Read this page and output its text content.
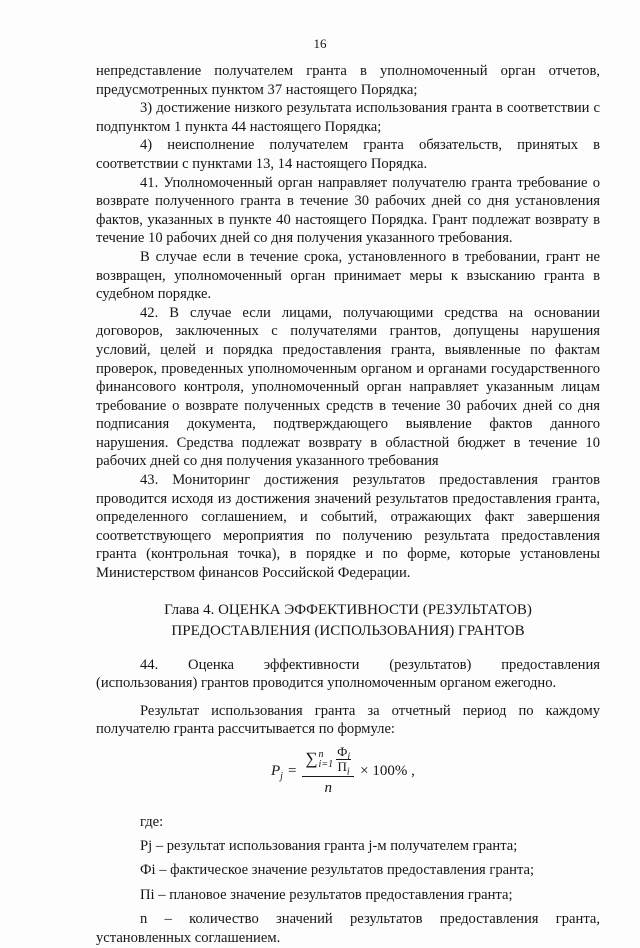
16

непредставление получателем гранта в уполномоченный орган отчетов, предусмотренных пунктом 37 настоящего Порядка;

3) достижение низкого результата использования гранта в соответствии с подпунктом 1 пункта 44 настоящего Порядка;

4) неисполнение получателем гранта обязательств, принятых в соответствии с пунктами 13, 14 настоящего Порядка.

41. Уполномоченный орган направляет получателю гранта требование о возврате полученного гранта в течение 30 рабочих дней со дня установления фактов, указанных в пункте 40 настоящего Порядка. Грант подлежат возврату в течение 10 рабочих дней со дня получения указанного требования.

В случае если в течение срока, установленного в требовании, грант не возвращен, уполномоченный орган принимает меры к взысканию гранта в судебном порядке.

42. В случае если лицами, получающими средства на основании договоров, заключенных с получателями грантов, допущены нарушения условий, целей и порядка предоставления гранта, выявленные по фактам проверок, проведенных уполномоченным органом и органами государственного финансового контроля, уполномоченный орган направляет указанным лицам требование о возврате полученных средств в течение 30 рабочих дней со дня подписания документа, подтверждающего выявление фактов данного нарушения. Средства подлежат возврату в областной бюджет в течение 10 рабочих дней со дня получения указанного требования

43. Мониторинг достижения результатов предоставления грантов проводится исходя из достижения значений результатов предоставления гранта, определенного соглашением, и событий, отражающих факт завершения соответствующего мероприятия по получению результата предоставления гранта (контрольная точка), в порядке и по форме, которые установлены Министерством финансов Российской Федерации.

Глава 4. ОЦЕНКА ЭФФЕКТИВНОСТИ (РЕЗУЛЬТАТОВ)
ПРЕДОСТАВЛЕНИЯ (ИСПОЛЬЗОВАНИЯ) ГРАНТОВ

44. Оценка эффективности (результатов) предоставления (использования) грантов проводится уполномоченным органом ежегодно.

Результат использования гранта за отчетный период по каждому получателю гранта рассчитывается по формуле:

$P_j$ =
∑ n
i=1
$Ф_i$
$П_i$
n
× 100% ,

где:

Pj – результат использования гранта j-м получателем гранта;

Фi – фактическое значение результатов предоставления гранта;

Пi – плановое значение результатов предоставления гранта;

n – количество значений результатов предоставления гранта, установленных соглашением.
